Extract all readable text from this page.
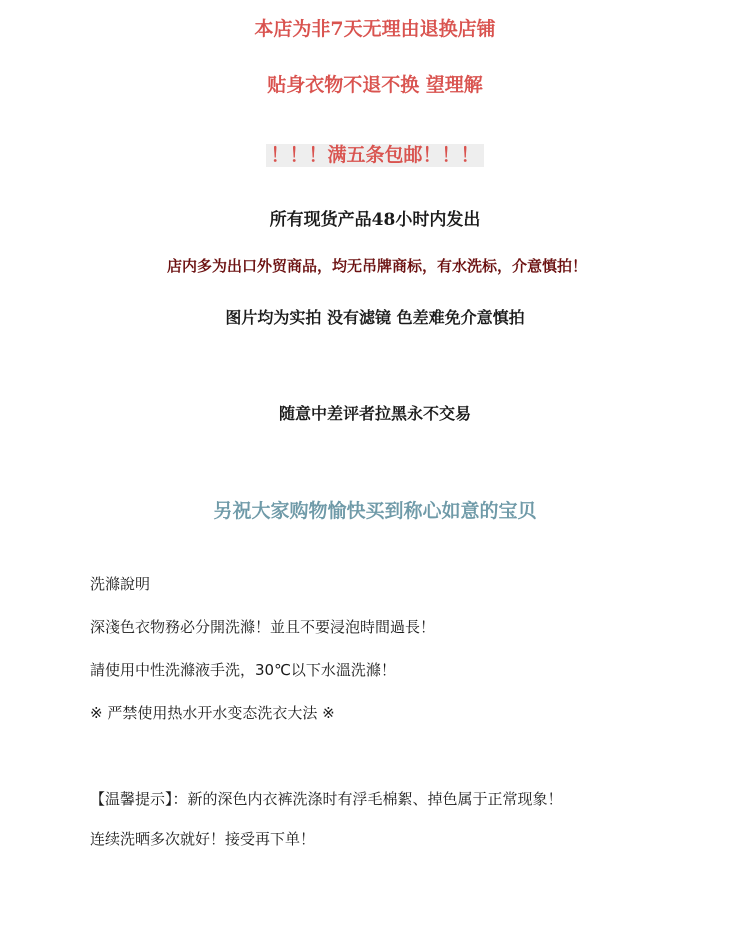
本店为非7天无理由退换店铺
贴身衣物不退不换 望理解
！！！满五条包邮！！！
所有现货产品48小时内发出
店内多为出口外贸商品，均无吊牌商标，有水洗标，介意慎拍！
图片均为实拍 没有滤镜 色差难免介意慎拍
随意中差评者拉黑永不交易
另祝大家购物愉快买到称心如意的宝贝
洗滌說明
深淺色衣物務必分開洗滌！並且不要浸泡時間過長！
請使用中性洗滌液手洗，30℃以下水溫洗滌！
※ 严禁使用热水开水变态洗衣大法 ※
【温馨提示】：新的深色内衣裤洗涤时有浮毛棉絮、掉色属于正常现象！
连续洗晒多次就好！接受再下单！
